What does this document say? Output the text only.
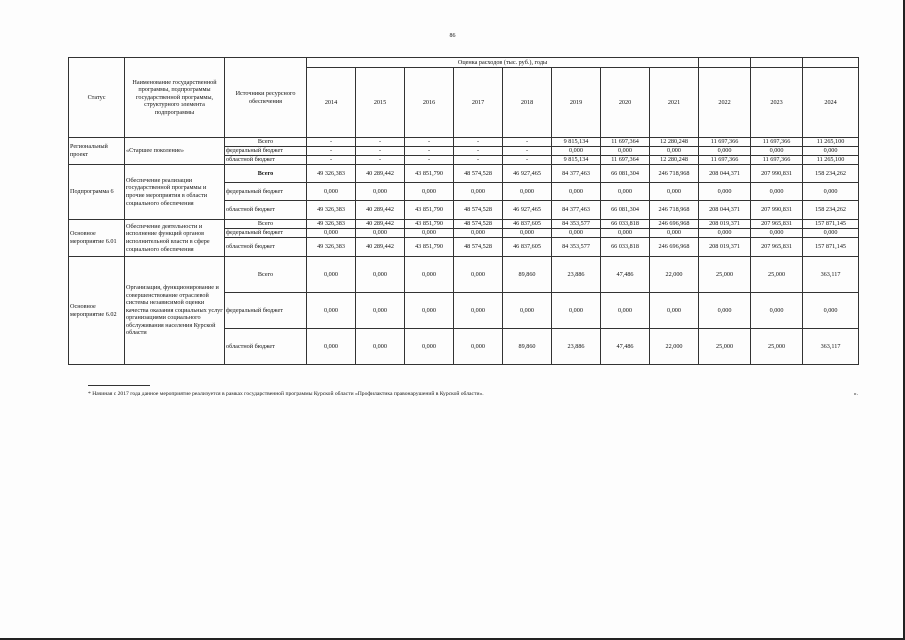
86
Статус	Наименование государственной программы, подпрограммы государственной программы, структурного элемента подпрограммы	Источники ресурсного обеспечения	Оценка расходов (тыс. руб.), годы										
			2014	2015	2016	2017	2018	2019	2020	2021	2022	2023	2024
Региональный проект	«Старшее поколение»	Всего	-	-	-	-	-	9 815,134	11 697,364	12 280,248	11 697,366	11 697,366	11 265,100
		федеральный бюджет	-	-	-	-	-	0,000	0,000	0,000	0,000	0,000	0,000
		областной бюджет	-	-	-	-	-	9 815,134	11 697,364	12 280,248	11 697,366	11 697,366	11 265,100
Подпрограмма 6	Обеспечение реализации государственной программы и прочие мероприятия в области социального обеспечения	Всего	49 326,383	40 289,442	43 851,790	48 574,528	46 927,465	84 377,463	66 081,304	246 718,968	208 044,371	207 990,831	158 234,262
		федеральный бюджет	0,000	0,000	0,000	0,000	0,000	0,000	0,000	0,000	0,000	0,000	0,000
		областной бюджет	49 326,383	40 289,442	43 851,790	48 574,528	46 927,465	84 377,463	66 081,304	246 718,968	208 044,371	207 990,831	158 234,262
Основное мероприятие 6.01	Обеспечение деятельности и исполнение функций органов исполнительной власти в сфере социального обеспечения	Всего	49 326,383	40 289,442	43 851,790	48 574,528	46 837,605	84 353,577	66 033,818	246 696,968	208 019,371	207 965,831	157 871,145
		федеральный бюджет	0,000	0,000	0,000	0,000	0,000	0,000	0,000	0,000	0,000	0,000	0,000
		областной бюджет	49 326,383	40 289,442	43 851,790	48 574,528	46 837,605	84 353,577	66 033,818	246 696,968	208 019,371	207 965,831	157 871,145
Основное мероприятие 6.02	Организация, функционирование и совершенствование отраслевой системы независимой оценки качества оказания социальных услуг организациями социального обслуживания населения Курской области	Всего	0,000	0,000	0,000	0,000	89,860	23,886	47,486	22,000	25,000	25,000	363,117
		федеральный бюджет	0,000	0,000	0,000	0,000	0,000	0,000	0,000	0,000	0,000	0,000	0,000
		областной бюджет	0,000	0,000	0,000	0,000	89,860	23,886	47,486	22,000	25,000	25,000	363,117
* Начиная с 2017 года данное мероприятие реализуется в рамках государственной программы Курской области «Профилактика правонарушений в Курской области».	».
